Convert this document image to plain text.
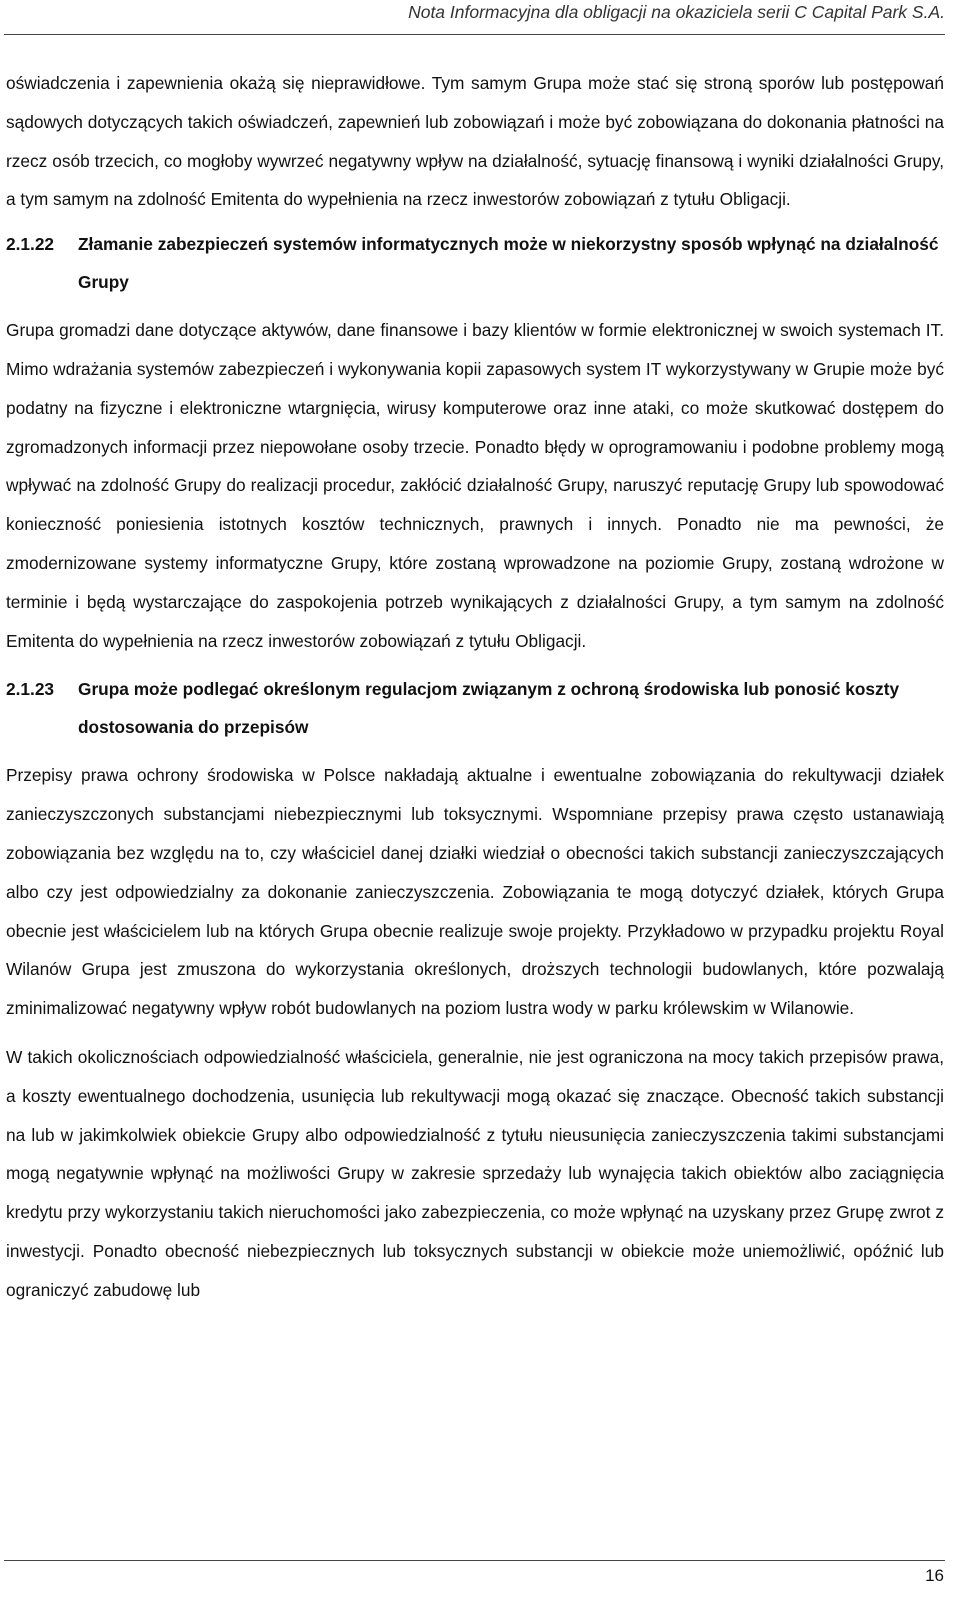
Nota Informacyjna dla obligacji na okaziciela serii C Capital Park S.A.

oświadczenia i zapewnienia okażą się nieprawidłowe. Tym samym Grupa może stać się stroną sporów lub postępowań sądowych dotyczących takich oświadczeń, zapewnień lub zobowiązań i może być zobowiązana do dokonania płatności na rzecz osób trzecich, co mogłoby wywrzeć negatywny wpływ na działalność, sytuację finansową i wyniki działalności Grupy, a tym samym na zdolność Emitenta do wypełnienia na rzecz inwestorów zobowiązań z tytułu Obligacji.

2.1.22 Złamanie zabezpieczeń systemów informatycznych może w niekorzystny sposób wpłynąć na działalność Grupy

Grupa gromadzi dane dotyczące aktywów, dane finansowe i bazy klientów w formie elektronicznej w swoich systemach IT. Mimo wdrażania systemów zabezpieczeń i wykonywania kopii zapasowych system IT wykorzystywany w Grupie może być podatny na fizyczne i elektroniczne wtargnięcia, wirusy komputerowe oraz inne ataki, co może skutkować dostępem do zgromadzonych informacji przez niepowołane osoby trzecie. Ponadto błędy w oprogramowaniu i podobne problemy mogą wpływać na zdolność Grupy do realizacji procedur, zakłócić działalność Grupy, naruszyć reputację Grupy lub spowodować konieczność poniesienia istotnych kosztów technicznych, prawnych i innych. Ponadto nie ma pewności, że zmodernizowane systemy informatyczne Grupy, które zostaną wprowadzone na poziomie Grupy, zostaną wdrożone w terminie i będą wystarczające do zaspokojenia potrzeb wynikających z działalności Grupy, a tym samym na zdolność Emitenta do wypełnienia na rzecz inwestorów zobowiązań z tytułu Obligacji.

2.1.23 Grupa może podlegać określonym regulacjom związanym z ochroną środowiska lub ponosić koszty dostosowania do przepisów

Przepisy prawa ochrony środowiska w Polsce nakładają aktualne i ewentualne zobowiązania do rekultywacji działek zanieczyszczonych substancjami niebezpiecznymi lub toksycznymi. Wspomniane przepisy prawa często ustanawiają zobowiązania bez względu na to, czy właściciel danej działki wiedział o obecności takich substancji zanieczyszczających albo czy jest odpowiedzialny za dokonanie zanieczyszczenia. Zobowiązania te mogą dotyczyć działek, których Grupa obecnie jest właścicielem lub na których Grupa obecnie realizuje swoje projekty. Przykładowo w przypadku projektu Royal Wilanów Grupa jest zmuszona do wykorzystania określonych, droższych technologii budowlanych, które pozwalają zminimalizować negatywny wpływ robót budowlanych na poziom lustra wody w parku królewskim w Wilanowie.

W takich okolicznościach odpowiedzialność właściciela, generalnie, nie jest ograniczona na mocy takich przepisów prawa, a koszty ewentualnego dochodzenia, usunięcia lub rekultywacji mogą okazać się znaczące. Obecność takich substancji na lub w jakimkolwiek obiekcie Grupy albo odpowiedzialność z tytułu nieusunięcia zanieczyszczenia takimi substancjami mogą negatywnie wpłynąć na możliwości Grupy w zakresie sprzedaży lub wynajęcia takich obiektów albo zaciągnięcia kredytu przy wykorzystaniu takich nieruchomości jako zabezpieczenia, co może wpłynąć na uzyskany przez Grupę zwrot z inwestycji. Ponadto obecność niebezpiecznych lub toksycznych substancji w obiekcie może uniemożliwić, opóźnić lub ograniczyć zabudowę lub

16
